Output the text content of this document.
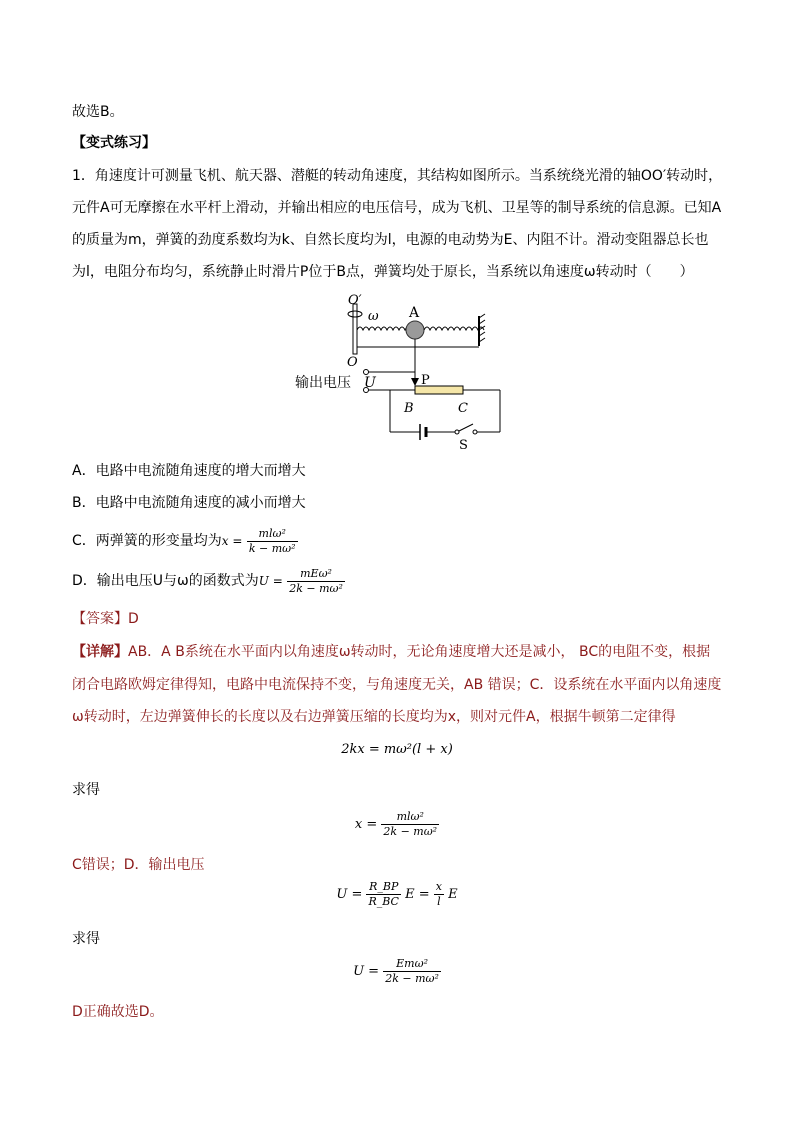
故选B。
【变式练习】
1．角速度计可测量飞机、航天器、潜艇的转动角速度，其结构如图所示。当系统绕光滑的轴OO′转动时，
元件A可无摩擦在水平杆上滑动，并输出相应的电压信号，成为飞机、卫星等的制导系统的信息源。已知A
的质量为m，弹簧的劲度系数均为k、自然长度均为l，电源的电动势为E、内阻不计。滑动变阻器总长也
为l，电阻分布均匀，系统静止时滑片P位于B点，弹簧均处于原长，当系统以角速度ω转动时（　　）
O′
ω A
O
输出电压 U	P
B	C
S
A．电路中电流随角速度的增大而增大
B．电路中电流随角速度的减小而增大
C．两弹簧的形变量均为$x = \frac{\text{mlω²}}{\text{k − mω²}}$
D．输出电压U与ω的函数式为$U = \frac{\text{mEω²}}{\text{2k − mω²}}$
【答案】D
【详解】AB．A B系统在水平面内以角速度ω转动时，无论角速度增大还是减小， BC的电阻不变，根据
闭合电路欧姆定律得知，电路中电流保持不变，与角速度无关，AB 错误；C．设系统在水平面内以角速度
ω转动时，左边弹簧伸长的长度以及右边弹簧压缩的长度均为x，则对元件A，根据牛顿第二定律得
2kx = mω²(l + x)
求得
$x = \frac{\text{mlω²}}{\text{2k − mω²}}$
C错误；D．输出电压
$U = \frac{R\_BP}{R\_BC}$ $E = \frac{x}{l}$ E
求得
$U = \frac{\text{Emω²}}{\text{2k − mω²}}$
D正确故选D。
